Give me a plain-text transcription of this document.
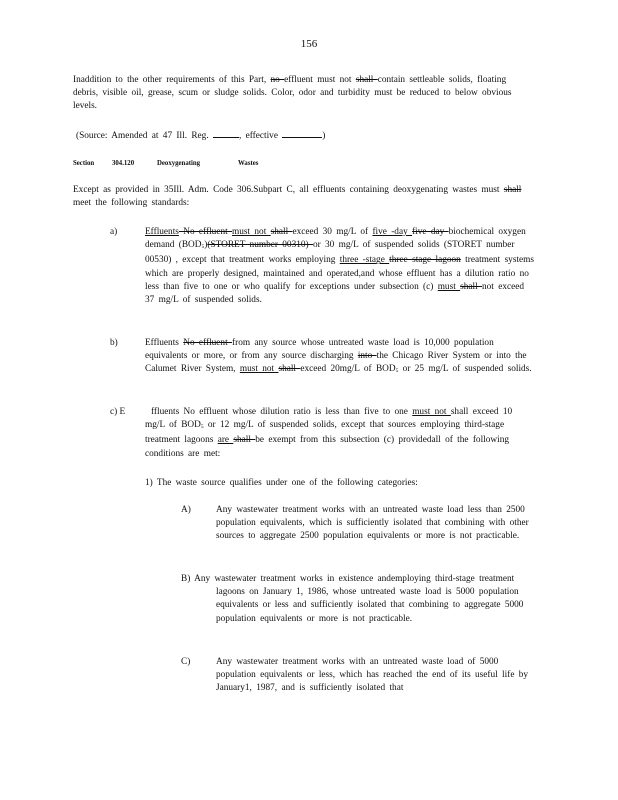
156
Inaddition to the other requirements of this Part, no effluent must not shall contain settleable solids, floating debris, visible oil, grease, scum or sludge solids. Color, odor and turbidity must be reduced to below obvious levels.
(Source: Amended at 47 Ill. Reg.	, effective	)
Section	304.120	Deoxygenating	Wastes
Except as provided in 35Ill. Adm. Code 306.Subpart C, all effluents containing deoxygenating wastes must shall meet the following standards:
a)	Effluents No effluent must not shall exceed 30 mg/L of five -day five day biochemical oxygen demand $(BOD_5)(STORET$ number 00310) or 30 mg/L of suspended solids (STORET number 00530) , except that treatment works employing three -stage three stage lagoon treatment systems which are properly designed, maintained and operated,and whose effluent has a dilution ratio no less than five to one or who qualify for exceptions under subsection (c) must shall not exceed 37 mg/L of suspended solids.
b)	Effluents No effluent from any source whose untreated waste load is 10,000 population equivalents or more, or from any source discharging into the Chicago River System or into the Calumet River System, must not shall exceed 20mg/L of $BOD_5$ or 25 mg/L of suspended solids.
c) E	ffluents No effluent whose dilution ratio is less than five to one must not shall exceed 10 mg/L of $BOD_5$ or 12 mg/L of suspended solids, except that sources employing third-stage treatment lagoons are shall be exempt from this subsection (c) providedall of the following conditions are met:
1) The waste source qualifies under one of the following categories:
A)	Any wastewater treatment works with an untreated waste load less than 2500 population equivalents, which is sufficiently isolated that combining with other sources to aggregate 2500 population equivalents or more is not practicable.
B) Any wastewater treatment works in existence andemploying third-stage treatment lagoons on January 1, 1986, whose untreated waste load is 5000 population equivalents or less and sufficiently isolated that combining to aggregate 5000 population equivalents or more is not practicable.
C)	Any wastewater treatment works with an untreated waste load of 5000 population equivalents or less, which has reached the end of its useful life by January1, 1987, and is sufficiently isolated that
